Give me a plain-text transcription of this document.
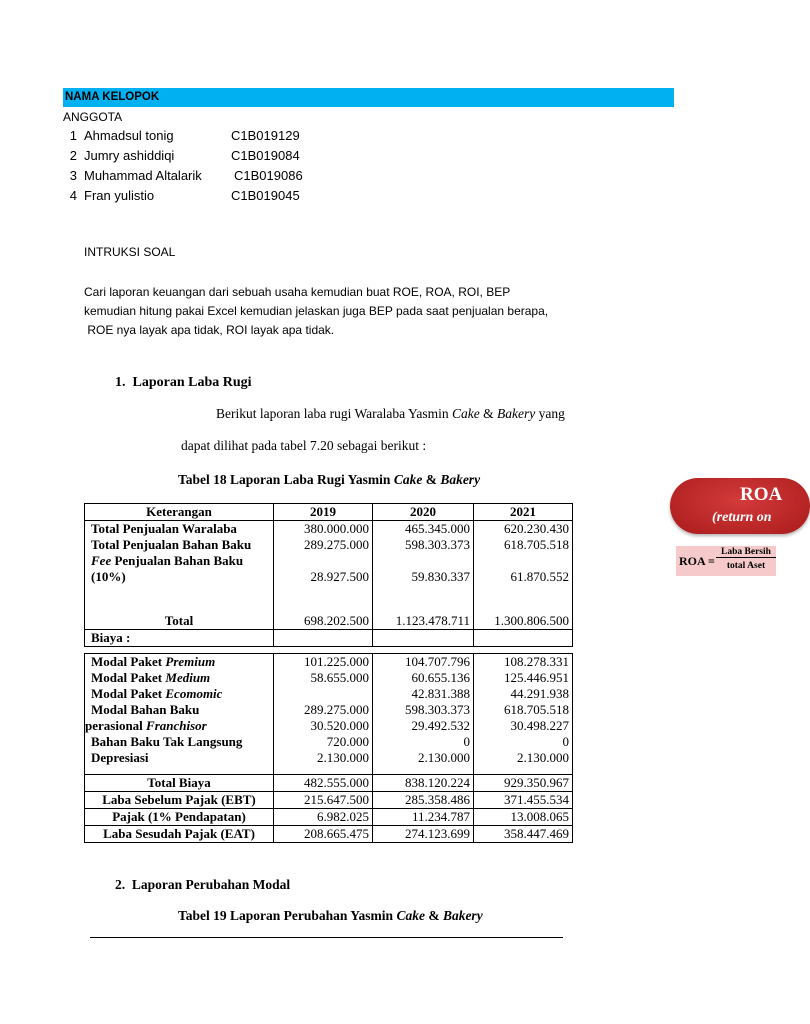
NAMA KELOPOK
ANGGOTA
1 Ahmadsul tonig	C1B019129
2 Jumry ashiddiqi	C1B019084
3 Muhammad Altalarik C1B019086
4 Fran yulistio	C1B019045
INTRUKSI SOAL
Cari laporan keuangan dari sebuah usaha kemudian buat ROE, ROA, ROI, BEP
kemudian hitung pakai Excel kemudian jelaskan juga BEP pada saat penjualan berapa,
ROE nya layak apa tidak, ROI layak apa tidak.
1.  Laporan Laba Rugi
Berikut laporan laba rugi Waralaba Yasmin Cake & Bakery yang
dapat dilihat pada tabel 7.20 sebagai berikut :
Tabel 18 Laporan Laba Rugi Yasmin Cake & Bakery
Keterangan	2019	2020	2021
Total Penjualan Waralaba	380.000.000	465.345.000	620.230.430
Total Penjualan Bahan Baku	289.275.000	598.303.373	618.705.518
Fee Penjualan Bahan Baku			
(10%)	28.927.500	59.830.337	61.870.552

Total	698.202.500	1.123.478.711	1.300.806.500
Biaya :			

Modal Paket Premium	101.225.000	104.707.796	108.278.331
Modal Paket Medium	58.655.000	60.655.136	125.446.951
Modal Paket Ecomomic		42.831.388	44.291.938
Modal Bahan Baku	289.275.000	598.303.373	618.705.518
perasional Franchisor	30.520.000	29.492.532	30.498.227
Bahan Baku Tak Langsung	720.000	0	0
Depresiasi	2.130.000	2.130.000	2.130.000

Total Biaya	482.555.000	838.120.224	929.350.967
Laba Sebelum Pajak (EBT)	215.647.500	285.358.486	371.455.534
Pajak (1% Pendapatan)	6.982.025	11.234.787	13.008.065
Laba Sesudah Pajak (EAT)	208.665.475	274.123.699	358.447.469
2.  Laporan Perubahan Modal
Tabel 19 Laporan Perubahan Yasmin Cake & Bakery
ROA
(return on
ROA =
Laba Bersih
total Aset
